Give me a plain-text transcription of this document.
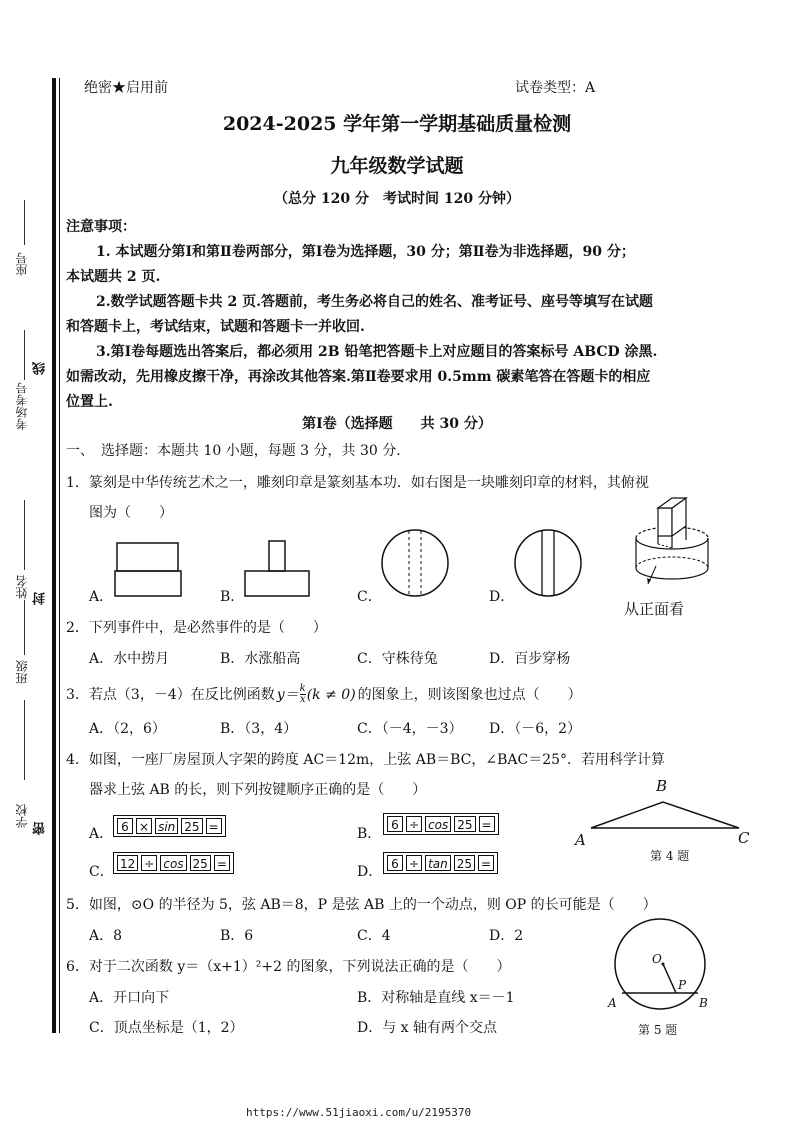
座号
考场考号
姓名
班级
学校
线
封
密
绝密★启用前	试卷类型：A
2024-2025 学年第一学期基础质量检测
九年级数学试题
（总分 120 分　考试时间 120 分钟）
注意事项：
1. 本试题分第Ⅰ和第Ⅱ卷两部分，第Ⅰ卷为选择题，30 分；第Ⅱ卷为非选择题，90 分；
本试题共 2 页.
2.数学试题答题卡共 2 页.答题前，考生务必将自己的姓名、准考证号、座号等填写在试题
和答题卡上，考试结束，试题和答题卡一并收回.
3.第Ⅰ卷每题选出答案后，都必须用 2B 铅笔把答题卡上对应题目的答案标号 ABCD 涂黑.
如需改动，先用橡皮擦干净，再涂改其他答案.第Ⅱ卷要求用 0.5mm 碳素笔答在答题卡的相应
位置上.
第Ⅰ卷（选择题　　共 30 分）
一、　选择题：本题共 10 小题，每题 3 分，共 30 分.
1．篆刻是中华传统艺术之一，雕刻印章是篆刻基本功．如右图是一块雕刻印章的材料，其俯视
图为（　　）
A．	B．	C．	D．
从正面看
2．下列事件中，是必然事件的是（　　）
A．水中捞月	B．水涨船高	C．守株待兔	D．百步穿杨
3．若点（3，－4）在反比例函数 y＝ k
x (k ≠ 0) 的图象上，则该图象也过点（　　）
A．（2，6）	B．（3，4）	C．（－4，－3） D．（－6，2）
4．如图，一座厂房屋顶人字架的跨度 AC＝12m，上弦 AB＝BC，∠BAC＝25°．若用科学计算
器求上弦 AB 的长，则下列按键顺序正确的是（　　）
A． 6 × sin 25 =	B．
6 ÷ cos 25 =
C． 12 ÷ cos 25 =	D． 6 ÷ tan 25 =
B
A	C
第 4 题
5．如图，⊙O 的半径为 5，弦 AB＝8，P 是弦 AB 上的一个动点，则 OP 的长可能是（　　）
A．8	B．6	C．4	D．2
O
P
A	B
第 5 题
6．对于二次函数 y＝（x+1）²+2 的图象，下列说法正确的是（　　）
A．开口向下	B．对称轴是直线 x＝－1
C．顶点坐标是（1，2）	D．与 x 轴有两个交点
https://www.51jiaoxi.com/u/2195370
